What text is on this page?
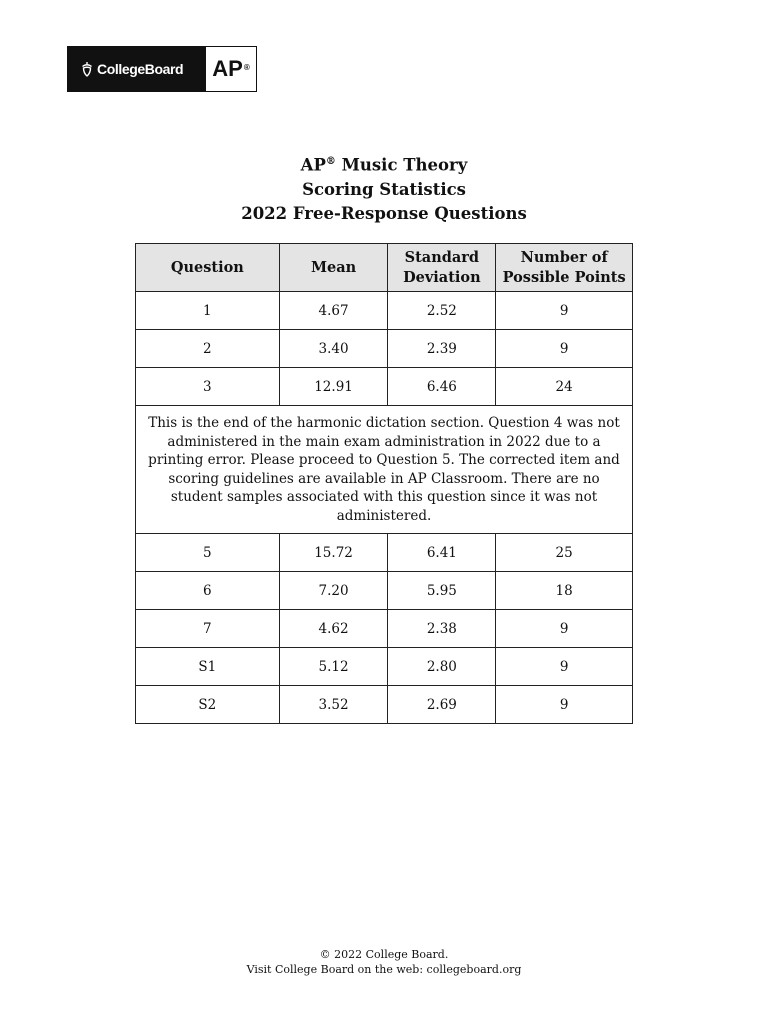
CollegeBoard AP®
AP® Music Theory
Scoring Statistics
2022 Free-Response Questions
Question	Mean	Standard Deviation	Number of Possible Points
1	4.67	2.52	9
2	3.40	2.39	9
3	12.91	6.46	24
This is the end of the harmonic dictation section. Question 4 was not administered in the main exam administration in 2022 due to a printing error. Please proceed to Question 5. The corrected item and scoring guidelines are available in AP Classroom. There are no student samples associated with this question since it was not administered.			
5	15.72	6.41	25
6	7.20	5.95	18
7	4.62	2.38	9
S1	5.12	2.80	9
S2	3.52	2.69	9
© 2022 College Board.
Visit College Board on the web: collegeboard.org
